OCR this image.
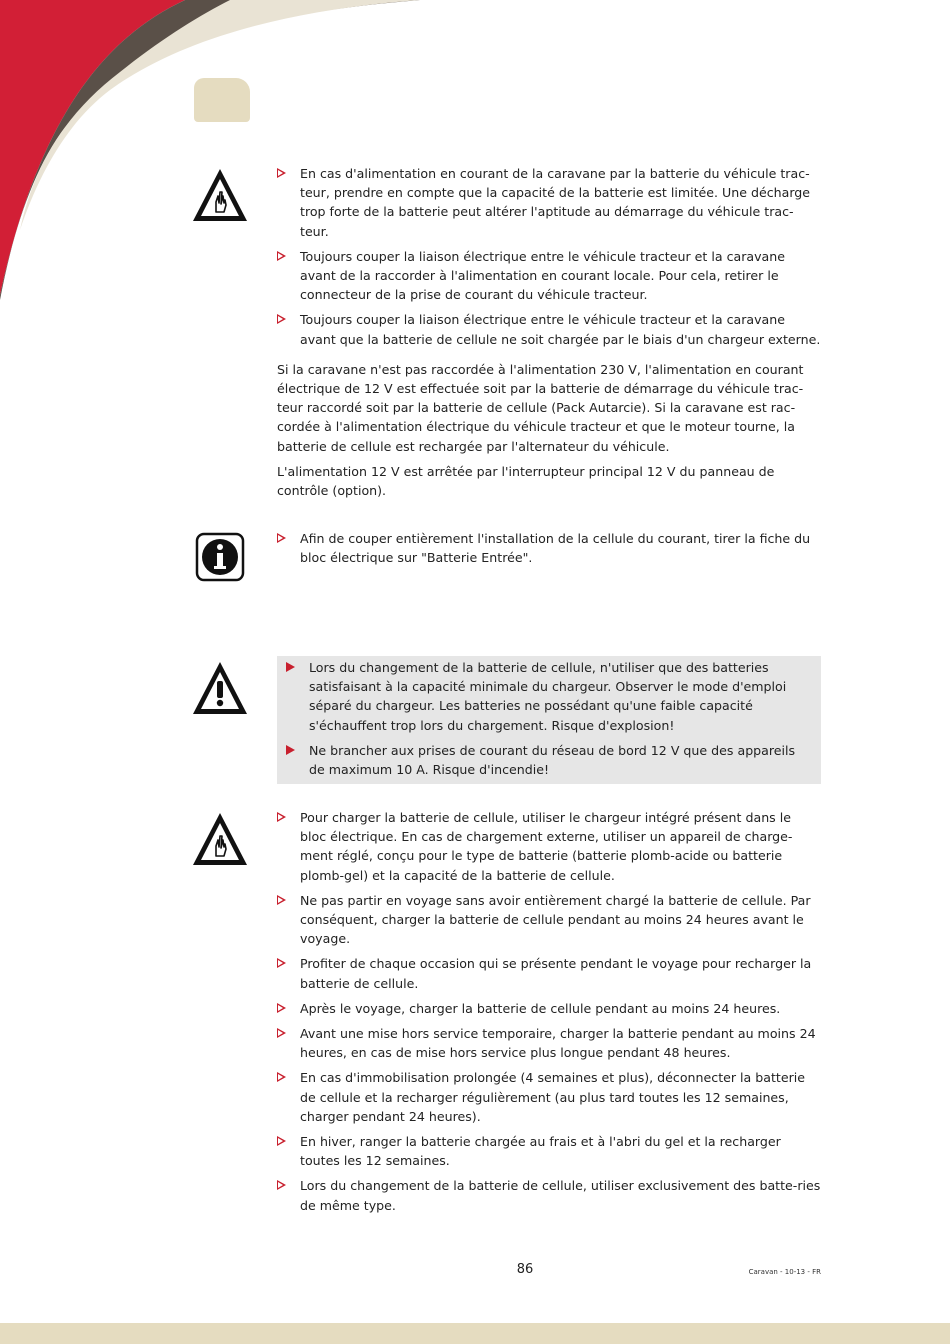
En cas d'alimentation en courant de la caravane par la batterie du véhicule trac-teur, prendre en compte que la capacité de la batterie est limitée. Une décharge trop forte de la batterie peut altérer l'aptitude au démarrage du véhicule trac-teur.
Toujours couper la liaison électrique entre le véhicule tracteur et la caravane avant de la raccorder à l'alimentation en courant locale. Pour cela, retirer le connecteur de la prise de courant du véhicule tracteur.
Toujours couper la liaison électrique entre le véhicule tracteur et la caravane avant que la batterie de cellule ne soit chargée par le biais d'un chargeur externe.

Si la caravane n'est pas raccordée à l'alimentation 230 V, l'alimentation en courant électrique de 12 V est effectuée soit par la batterie de démarrage du véhicule trac-teur raccordé soit par la batterie de cellule (Pack Autarcie). Si la caravane est rac-cordée à l'alimentation électrique du véhicule tracteur et que le moteur tourne, la batterie de cellule est rechargée par l'alternateur du véhicule.

L'alimentation 12 V est arrêtée par l'interrupteur principal 12 V du panneau de contrôle (option).

Afin de couper entièrement l'installation de la cellule du courant, tirer la fiche du bloc électrique sur "Batterie Entrée".
Lors du changement de la batterie de cellule, n'utiliser que des batteries satisfaisant à la capacité minimale du chargeur. Observer le mode d'emploi séparé du chargeur. Les batteries ne possédant qu'une faible capacité s'échauffent trop lors du chargement. Risque d'explosion!
Ne brancher aux prises de courant du réseau de bord 12 V que des appareils de maximum 10 A. Risque d'incendie!
Pour charger la batterie de cellule, utiliser le chargeur intégré présent dans le bloc électrique. En cas de chargement externe, utiliser un appareil de charge-ment réglé, conçu pour le type de batterie (batterie plomb-acide ou batterie plomb-gel) et la capacité de la batterie de cellule.
Ne pas partir en voyage sans avoir entièrement chargé la batterie de cellule. Par conséquent, charger la batterie de cellule pendant au moins 24 heures avant le voyage.
Profiter de chaque occasion qui se présente pendant le voyage pour recharger la batterie de cellule.
Après le voyage, charger la batterie de cellule pendant au moins 24 heures.
Avant une mise hors service temporaire, charger la batterie pendant au moins 24 heures, en cas de mise hors service plus longue pendant 48 heures.
En cas d'immobilisation prolongée (4 semaines et plus), déconnecter la batterie de cellule et la recharger régulièrement (au plus tard toutes les 12 semaines, charger pendant 24 heures).
En hiver, ranger la batterie chargée au frais et à l'abri du gel et la recharger toutes les 12 semaines.
Lors du changement de la batterie de cellule, utiliser exclusivement des batte-ries de même type.
86	Caravan - 10-13 - FR
